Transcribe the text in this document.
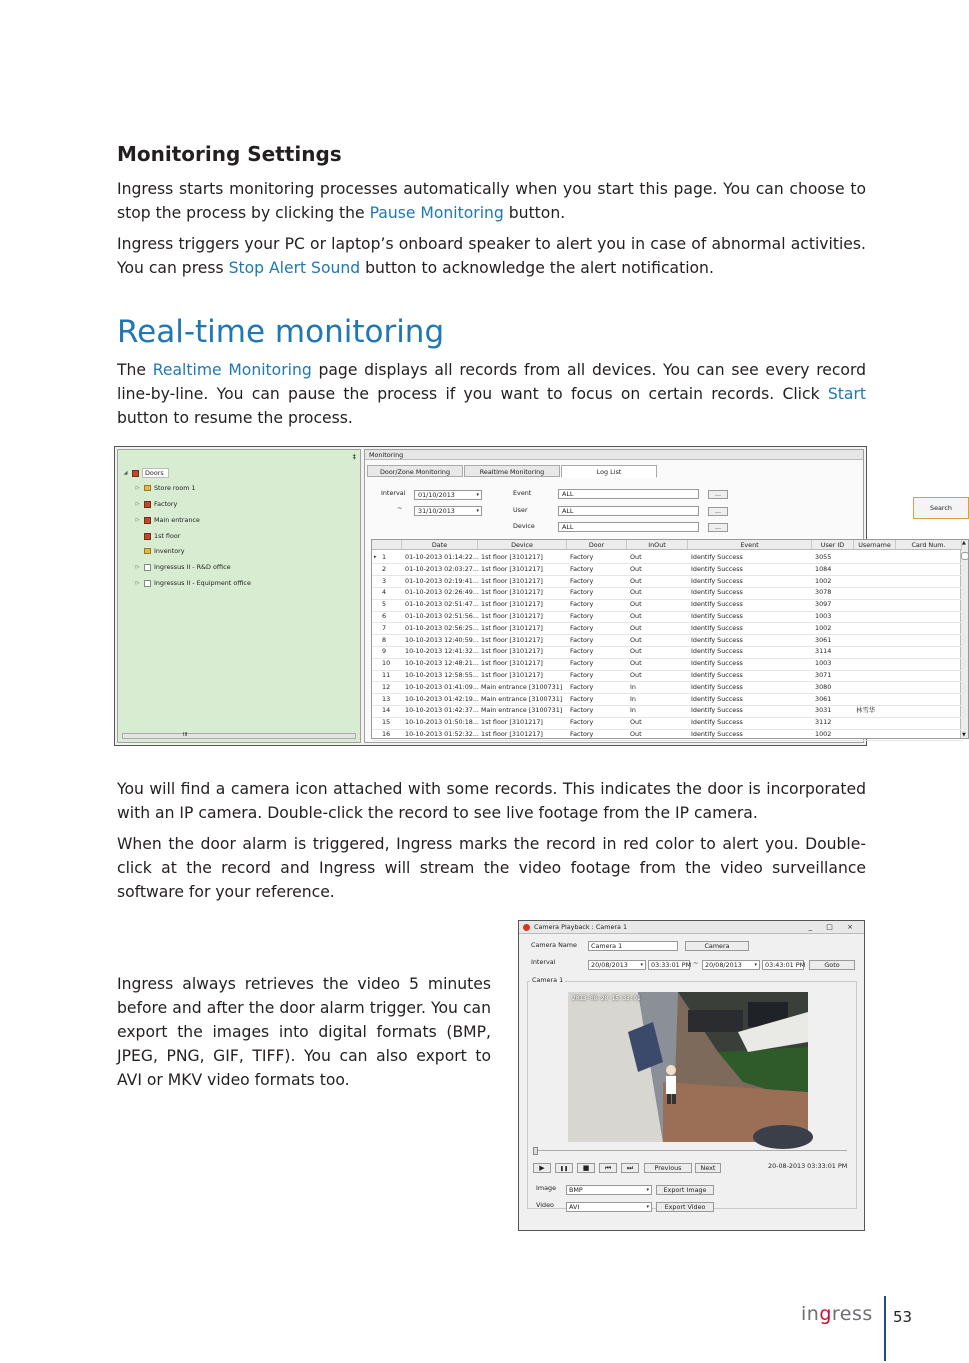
Monitoring Settings

Ingress starts monitoring processes automatically when you start this page. You can choose to stop the process by clicking the Pause Monitoring button.

Ingress triggers your PC or laptop’s onboard speaker to alert you in case of abnormal activities. You can press Stop Alert Sound button to acknowledge the alert notification.

Real-time monitoring

The Realtime Monitoring page displays all records from all devices. You can see every record line-by-line. You can pause the process if you want to focus on certain records. Click Start button to resume the process.

‡
◢	Doors
▷ Store room 1
▷ Factory
▷ Main entrance
1st floor
Inventory
▷ Ingressus II - R&D office
▷ Ingressus II - Equipment office
III
Monitoring
Door/Zone Monitoring	Realtime Monitoring	Log List
Interval	01/10/2013	▾
~	31/10/2013	▾
Event	ALL	...
User	ALL	...
Device	ALL	...
Search
▲
▼
Date	Device	Door	InOut	Event	User ID	Username	Card Num.
▸ 1	01-10-2013 01:14:22... 1st floor [3101217]	Factory	Out	Identify Success	3055
2	01-10-2013 02:03:27... 1st floor [3101217]	Factory	Out	Identify Success	1084
3	01-10-2013 02:19:41... 1st floor [3101217]	Factory	Out	Identify Success	1002
4	01-10-2013 02:26:49... 1st floor [3101217]	Factory	Out	Identify Success	3078
5	01-10-2013 02:51:47... 1st floor [3101217]	Factory	Out	Identify Success	3097
6	01-10-2013 02:51:56... 1st floor [3101217]	Factory	Out	Identify Success	1003
7	01-10-2013 02:56:25... 1st floor [3101217]	Factory	Out	Identify Success	1002
8	10-10-2013 12:40:59... 1st floor [3101217]	Factory	Out	Identify Success	3061
9	10-10-2013 12:41:32... 1st floor [3101217]	Factory	Out	Identify Success	3114
10 10-10-2013 12:48:21... 1st floor [3101217]	Factory	Out	Identify Success	1003
11 10-10-2013 12:58:55... 1st floor [3101217]	Factory	Out	Identify Success	3071
12 10-10-2013 01:41:09... Main entrance [3100731] Factory	In	Identify Success	3080
13 10-10-2013 01:42:19... Main entrance [3100731] Factory	In	Identify Success	3061
14 10-10-2013 01:42:37... Main entrance [3100731] Factory	In	Identify Success	3031	林雪华
15 10-10-2013 01:50:18... 1st floor [3101217]	Factory	Out	Identify Success	3112
16 10-10-2013 01:52:32... 1st floor [3101217]	Factory	Out	Identify Success	1002

You will find a camera icon attached with some records. This indicates the door is incorporated with an IP camera. Double-click the record to see live footage from the IP camera.

When the door alarm is triggered, Ingress marks the record in red color to alert you. Double-click at the record and Ingress will stream the video footage from the video surveillance software for your reference.

Ingress always retrieves the video 5 minutes before and after the door alarm trigger. You can export the images into digital formats (BMP, JPEG, PNG, GIF, TIFF). You can also export to AVI or MKV video formats too.

Camera Playback : Camera 1	_ □ ×
Camera Name	Camera 1	Camera
Interval	20/08/2013	▾	03:33:01 PM ~	20/08/2013	▾	03:43:01 PM	Goto
Camera 1
2013-08-20 15:33:01
▶	❚❚	■	⏮	⏭	Previous	Next	20-08-2013 03:33:01 PM
Image	BMP	▾	Export Image
Video	AVI	▾	Export Video
ingress 53
